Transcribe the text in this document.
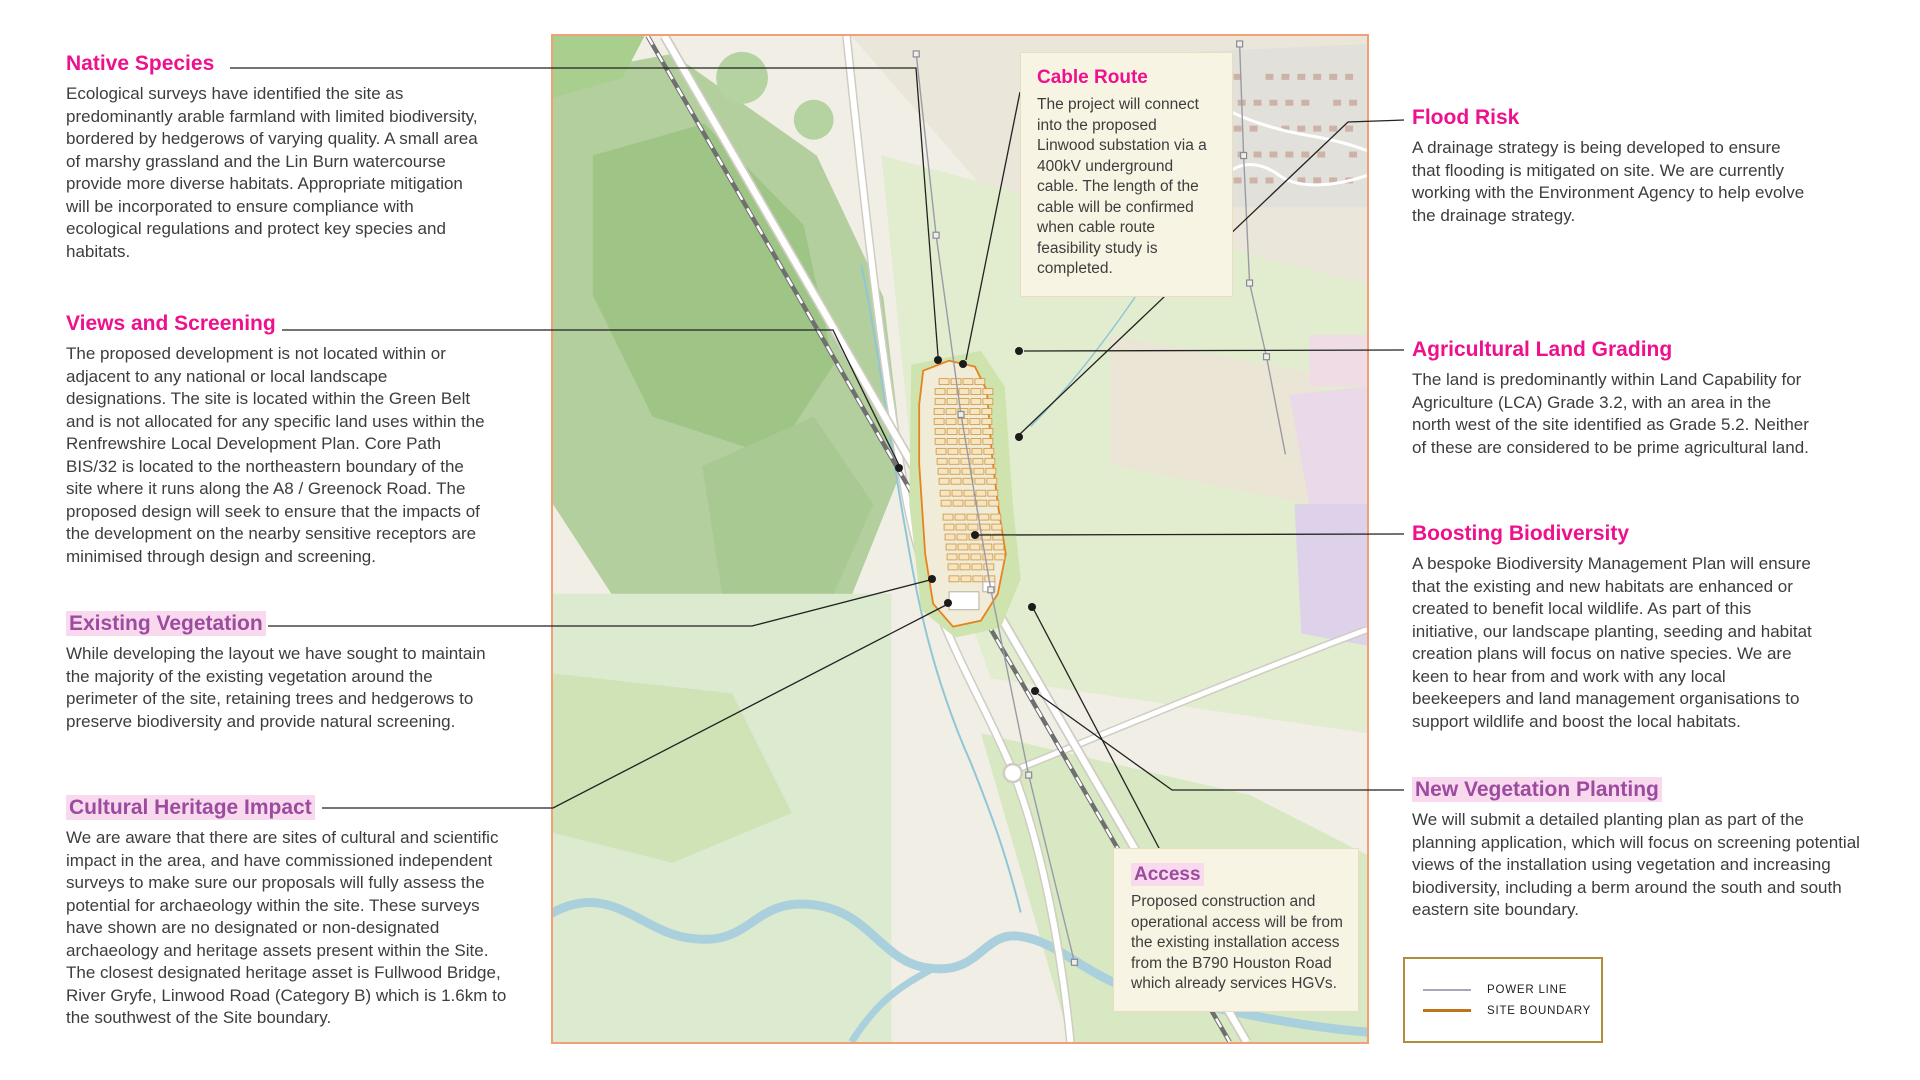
Native Species

Ecological surveys have identified the site as predominantly arable farmland with limited biodiversity, bordered by hedgerows of varying quality. A small area of marshy grassland and the Lin Burn watercourse provide more diverse habitats. Appropriate mitigation will be incorporated to ensure compliance with ecological regulations and protect key species and habitats.

Views and Screening

The proposed development is not located within or adjacent to any national or local landscape designations. The site is located within the Green Belt and is not allocated for any specific land uses within the Renfrewshire Local Development Plan. Core Path BIS/32 is located to the northeastern boundary of the site where it runs along the A8 / Greenock Road. The proposed design will seek to ensure that the impacts of the development on the nearby sensitive receptors are minimised through design and screening.

Existing Vegetation

While developing the layout we have sought to maintain the majority of the existing vegetation around the perimeter of the site, retaining trees and hedgerows to preserve biodiversity and provide natural screening.

Cultural Heritage Impact

We are aware that there are sites of cultural and scientific impact in the area, and have commissioned independent surveys to make sure our proposals will fully assess the potential for archaeology within the site. These surveys have shown are no designated or non-designated archaeology and heritage assets present within the Site. The closest designated heritage asset is Fullwood Bridge, River Gryfe, Linwood Road (Category B) which is 1.6km to the southwest of the Site boundary.

Flood Risk

A drainage strategy is being developed to ensure that flooding is mitigated on site. We are currently working with the Environment Agency to help evolve the drainage strategy.

Agricultural Land Grading

The land is predominantly within Land Capability for Agriculture (LCA) Grade 3.2, with an area in the north west of the site identified as Grade 5.2. Neither of these are considered to be prime agricultural land.

Boosting Biodiversity

A bespoke Biodiversity Management Plan will ensure that the existing and new habitats are enhanced or created to benefit local wildlife. As part of this initiative, our landscape planting, seeding and habitat creation plans will focus on native species. We are keen to hear from and work with any local beekeepers and land management organisations to support wildlife and boost the local habitats.

New Vegetation Planting

We will submit a detailed planting plan as part of the planning application, which will focus on screening potential views of the installation using vegetation and increasing biodiversity, including a berm around the south and south eastern site boundary.

Cable Route

The project will connect into the proposed Linwood substation via a 400kV underground cable. The length of the cable will be confirmed when cable route feasibility study is completed.

Access

Proposed construction and operational access will be from the existing installation access from the B790 Houston Road which already services HGVs.	POWER LINE
SITE BOUNDARY
